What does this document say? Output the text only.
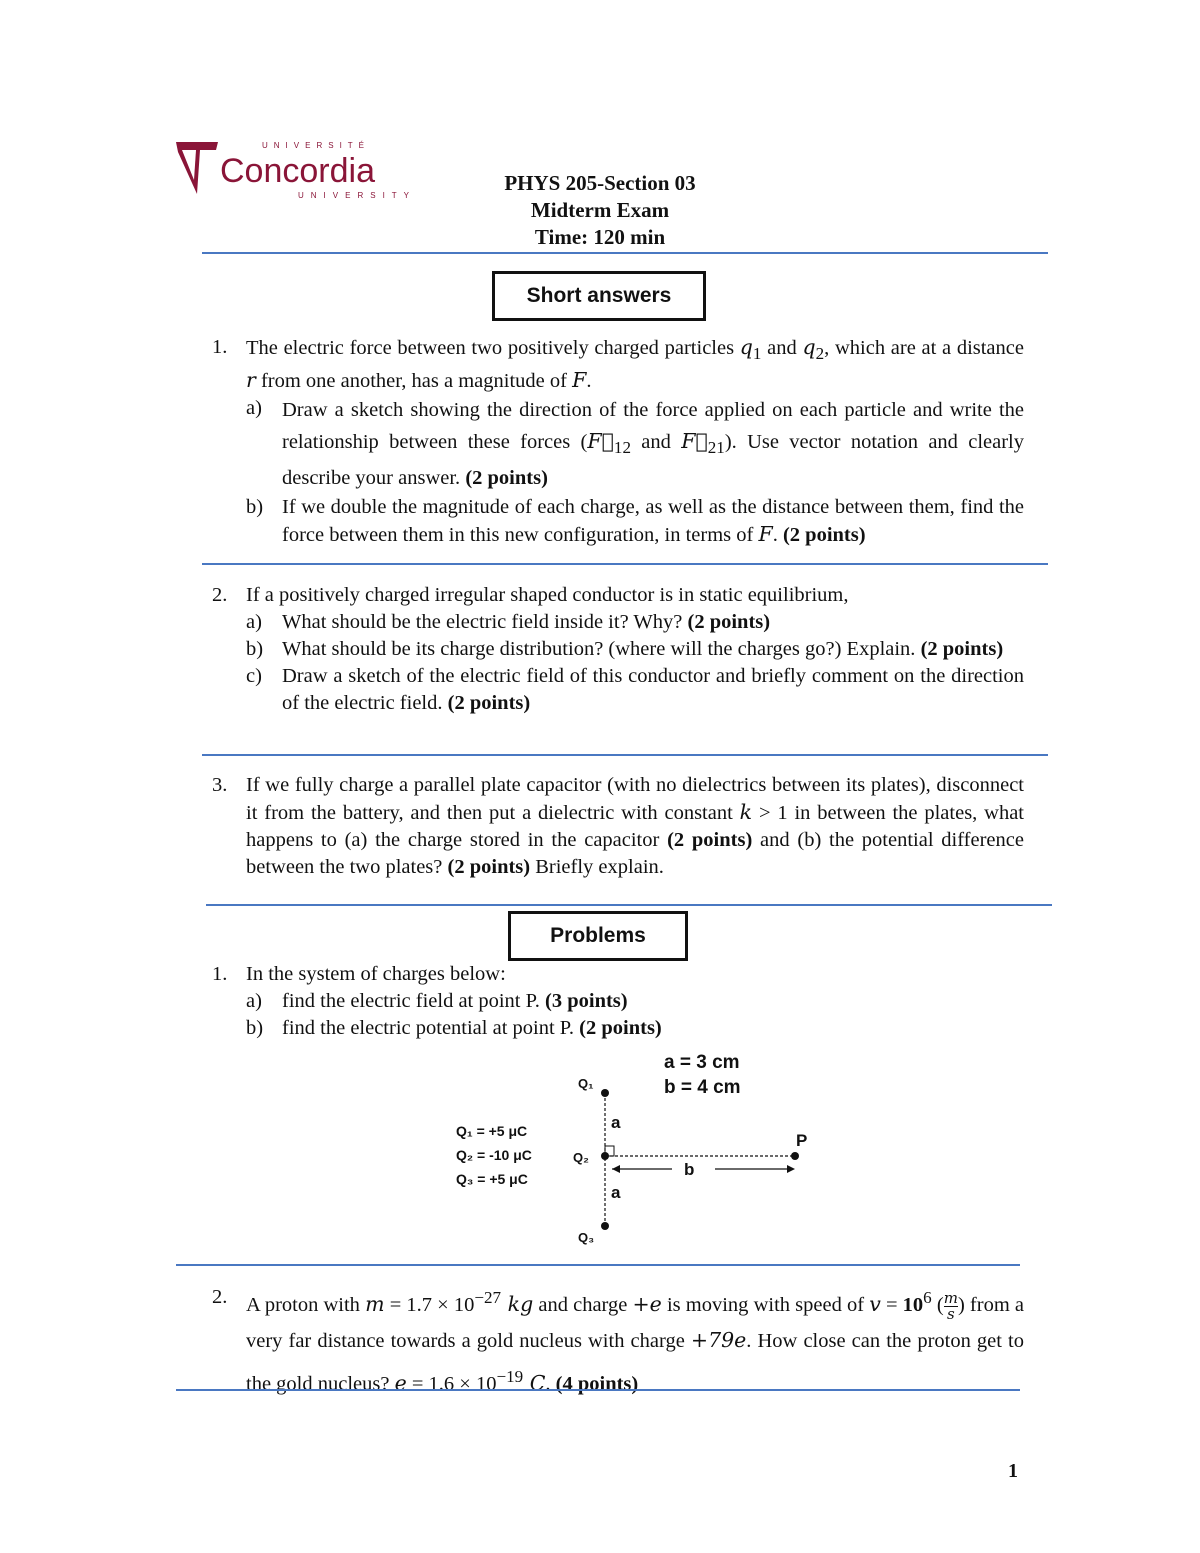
UNIVERSITÉ
Concordia
UNIVERSITY
PHYS 205-Section 03
Midterm Exam
Time: 120 min
Short answers
1. The electric force between two positively charged particles $q_1$ and $q_2$, which are at a distance r from one another, has a magnitude of F.
a) Draw a sketch showing the direction of the force applied on each particle and write the relationship between these forces ($F⃗_{12}$ and $F⃗_{21}$). Use vector notation and clearly describe your answer. (2 points)
b) If we double the magnitude of each charge, as well as the distance between them, find the force between them in this new configuration, in terms of F. (2 points)
2. If a positively charged irregular shaped conductor is in static equilibrium,
a) What should be the electric field inside it? Why? (2 points)
b) What should be its charge distribution? (where will the charges go?) Explain. (2 points)
c) Draw a sketch of the electric field of this conductor and briefly comment on the direction of the electric field. (2 points)
3. If we fully charge a parallel plate capacitor (with no dielectrics between its plates), disconnect it from the battery, and then put a dielectric with constant k > 1 in between the plates, what happens to (a) the charge stored in the capacitor (2 points) and (b) the potential difference between the two plates? (2 points) Briefly explain.
Problems
1. In the system of charges below:
a) find the electric field at point P. (3 points)
b) find the electric potential at point P. (2 points)
a = 3 cm
b = 4 cm
Q₁
Q₂
Q₃
Q₁ = +5 μC
Q₂ = -10 μC
Q₃ = +5 μC
a
a
b
P
2. A proton with $m = 1.7 \times 10^{-27}$ kg and charge +e is moving with speed of $v = 10^6$ ( $\frac{m}{s}$ ) from a very far distance towards a gold nucleus with charge +79e. How close can the proton get to the gold nucleus? $e = 1.6 \times 10^{-19}$ C. (4 points)
1
